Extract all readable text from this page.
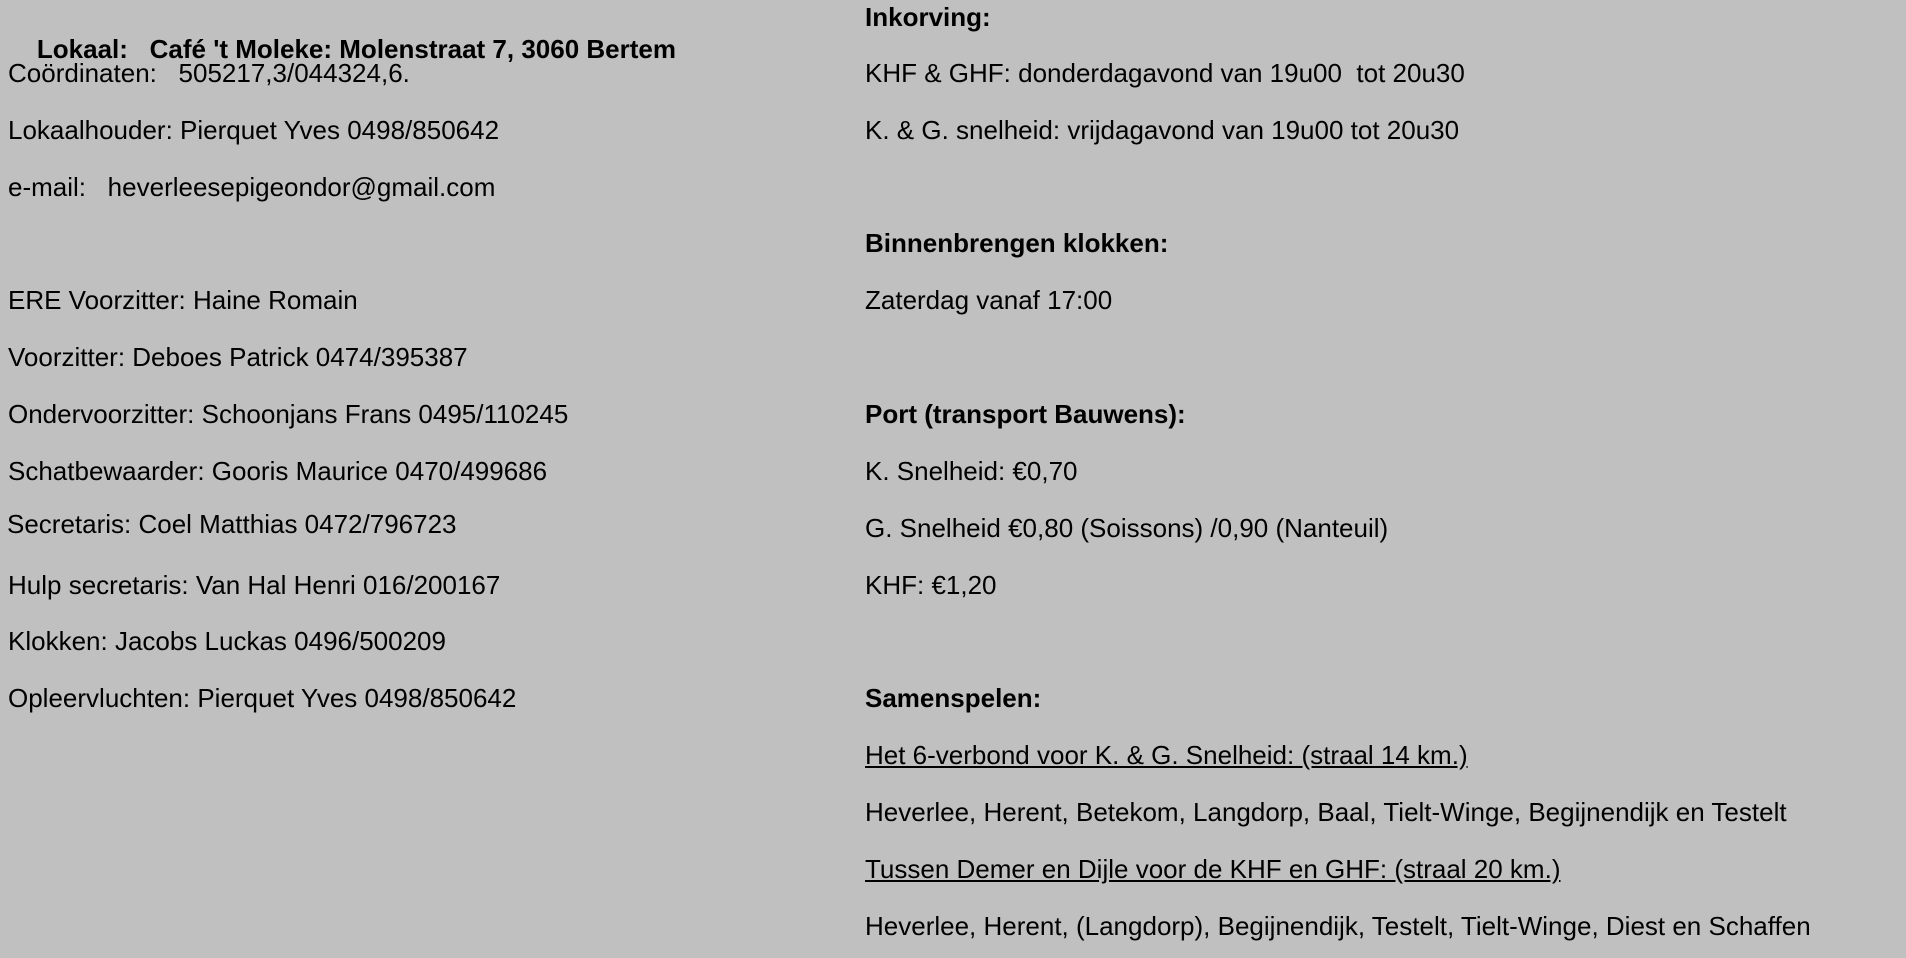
Lokaal: Café 't Moleke: Molenstraat 7, 3060 Bertem

Coördinaten:   505217,3/044324,6.
Lokaalhouder: Pierquet Yves 0498/850642
e-mail:   heverleesepigeondor@gmail.com
ERE Voorzitter: Haine Romain
Voorzitter: Deboes Patrick 0474/395387
Ondervoorzitter: Schoonjans Frans 0495/110245
Schatbewaarder: Gooris Maurice 0470/499686
Secretaris: Coel Matthias 0472/796723
Hulp secretaris: Van Hal Henri 016/200167
Klokken: Jacobs Luckas 0496/500209
Opleervluchten: Pierquet Yves 0498/850642
Inkorving:
KHF & GHF: donderdagavond van 19u00  tot 20u30
K. & G. snelheid: vrijdagavond van 19u00 tot 20u30
Binnenbrengen klokken:
Zaterdag vanaf 17:00
Port (transport Bauwens):
K. Snelheid: €0,70
G. Snelheid €0,80 (Soissons) /0,90 (Nanteuil)
KHF: €1,20
Samenspelen:
Het 6-verbond voor K. & G. Snelheid: (straal 14 km.)
Heverlee, Herent, Betekom, Langdorp, Baal, Tielt-Winge, Begijnendijk en Testelt
Tussen Demer en Dijle voor de KHF en GHF: (straal 20 km.)
Heverlee, Herent, (Langdorp), Begijnendijk, Testelt, Tielt-Winge, Diest en Schaffen
